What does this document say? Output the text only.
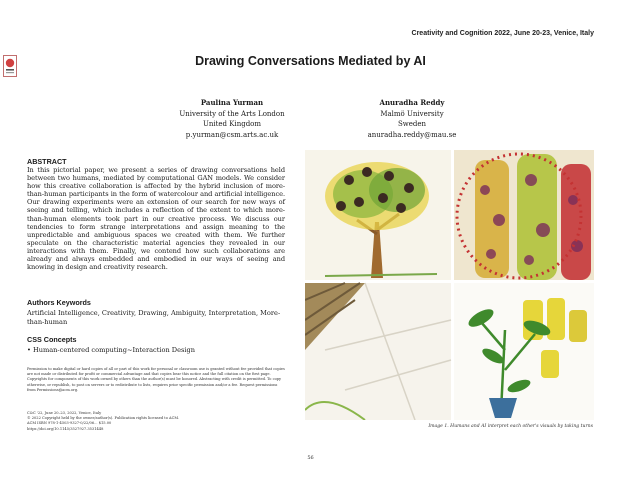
Creativity and Cognition 2022, June 20-23, Venice, Italy
Drawing Conversations Mediated by AI
Paulina Yurman
University of the Arts London
United Kingdom
p.yurman@csm.arts.ac.uk
Anuradha Reddy
Malmö University
Sweden
anuradha.reddy@mau.se
ABSTRACT
In this pictorial paper, we present a series of drawing conversations held between two humans, mediated by computational GAN models. We consider how this creative collaboration is affected by the hybrid inclusion of more-than-human participants in the form of watercolour and artificial intelligence. Our drawing experiments were an extension of our search for new ways of seeing and telling, which includes a reflection of the extent to which more-than-human elements took part in our creative process. We discuss our tendencies to form strange interpretations and assign meaning to the unpredictable and ambiguous spaces we created with them. We further speculate on the characteristic material agencies they revealed in our interactions with them. Finally, we contend how such collaborations are already and always embedded and embodied in our ways of seeing and knowing in design and creativity research.
Authors Keywords
Artificial Intelligence, Creativity, Drawing, Ambiguity, Interpretation, More-than-human
CSS Concepts
• Human-centered computing~Interaction Design
Permission to make digital or hard copies of all or part of this work for personal or classroom use is granted without fee provided that copies are not made or distributed for profit or commercial advantage and that copies bear this notice and the full citation on the first page. Copyrights for components of this work owned by others than the author(s) must be honored. Abstracting with credit is permitted. To copy otherwise, or republish, to post on servers or to redistribute to lists, requires prior specific permission and/or a fee. Request permissions from Permissions@acm.org.
C&C '22, June 20–23, 2022, Venice, Italy
© 2022 Copyright held by the owner/author(s). Publication rights licensed to ACM.
ACM ISBN 978-1-4503-9327-0/22/06... $15.00
https://doi.org/10.1145/3527927.3531448	Image 1. Humans and AI interpret each other's visuals by taking turns
56
